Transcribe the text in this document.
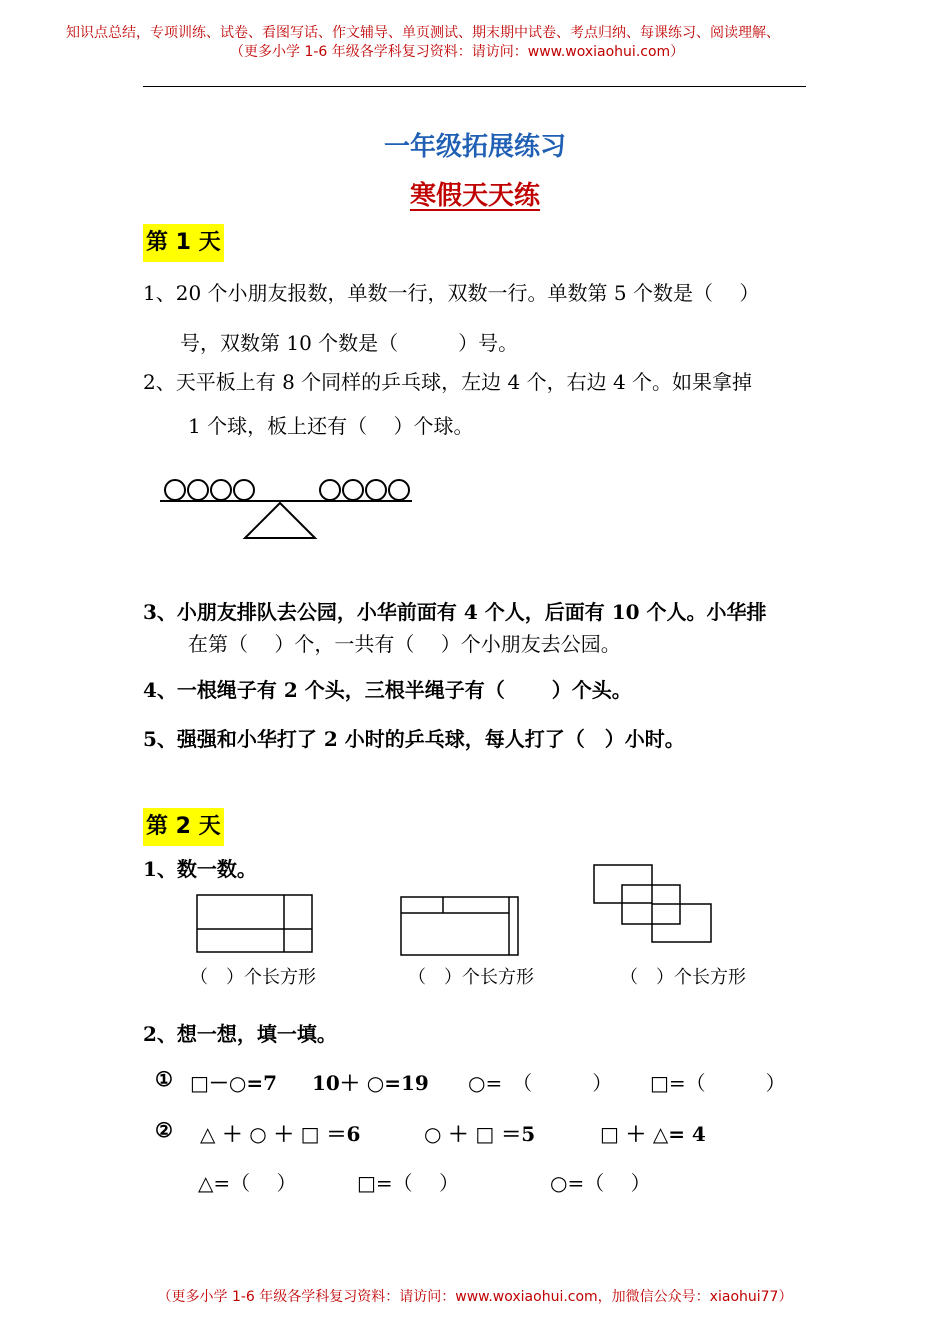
知识点总结，专项训练、试卷、看图写话、作文辅导、单页测试、期末期中试卷、考点归纳、每课练习、阅读理解、
（更多小学 1-6 年级各学科复习资料：请访问：www.woxiaohui.com）
一年级拓展练习
寒假天天练
第 1 天
1、20 个小朋友报数，单数一行，双数一行。单数第 5 个数是（　 ）
号，双数第 10 个数是（　　　）号。
2、天平板上有 8 个同样的乒乓球，左边 4 个，右边 4 个。如果拿掉
1 个球，板上还有（　 ）个球。
3、小朋友排队去公园，小华前面有 4 个人，后面有 10 个人。小华排
在第（　 ）个，一共有（　 ）个小朋友去公园。
4、一根绳子有 2 个头，三根半绳子有（　　 ）个头。
5、强强和小华打了 2 小时的乒乓球，每人打了（　）小时。
第 2 天
1、数一数。
（　）个长方形	（　）个长方形	（　）个长方形
2、想一想，填一填。
① □－○=7 10＋ ○=19 ○=　（　　　） □=（　　　）
② △ ＋ ○ ＋ □ ＝6	○ ＋ □ ＝5	□ ＋ △= 4
△=（　 ）	□=（　 ）	○=（　 ）
（更多小学 1-6 年级各学科复习资料：请访问：www.woxiaohui.com，加微信公众号：xiaohui77）
